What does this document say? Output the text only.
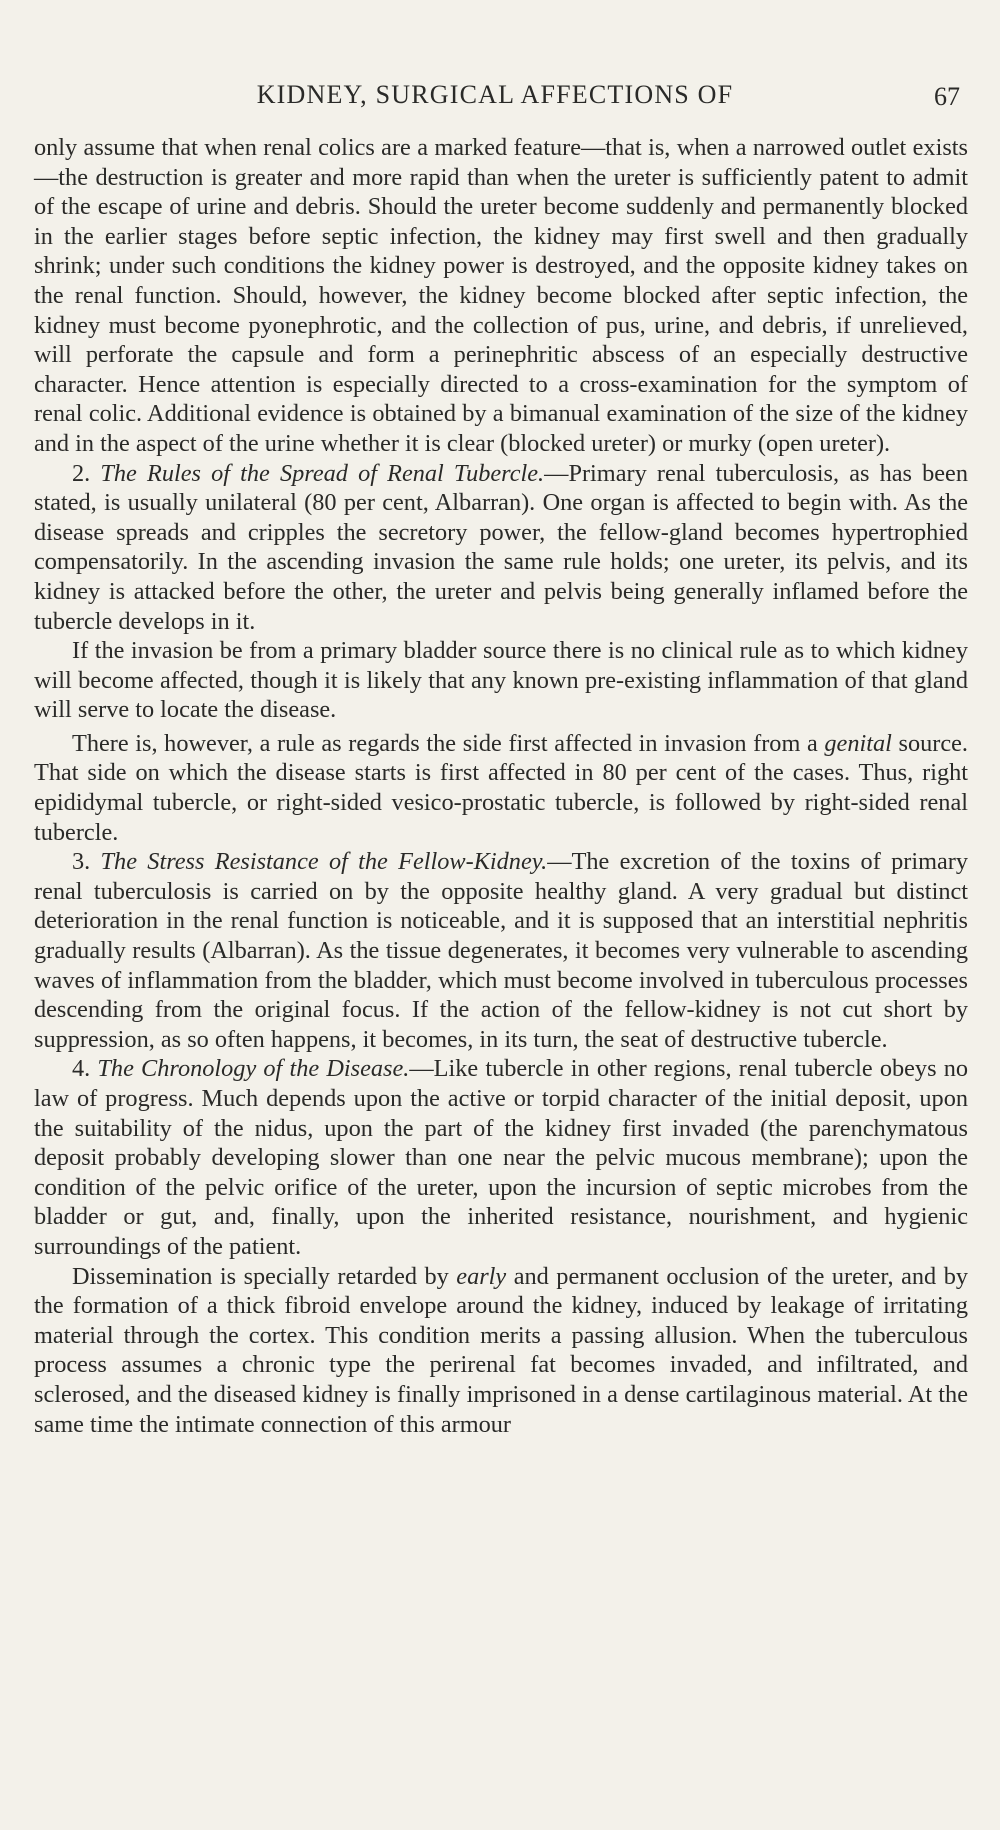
KIDNEY, SURGICAL AFFECTIONS OF	67

only assume that when renal colics are a marked feature—that is, when a narrowed outlet exists—the destruction is greater and more rapid than when the ureter is sufficiently patent to admit of the escape of urine and debris. Should the ureter become suddenly and permanently blocked in the earlier stages before septic infection, the kidney may first swell and then gradually shrink; under such conditions the kidney power is destroyed, and the opposite kidney takes on the renal function. Should, however, the kidney become blocked after septic infection, the kidney must become pyonephrotic, and the collection of pus, urine, and debris, if unrelieved, will perforate the capsule and form a perinephritic abscess of an especially destructive character. Hence attention is especially directed to a cross-examination for the symptom of renal colic. Additional evidence is obtained by a bimanual examination of the size of the kidney and in the aspect of the urine whether it is clear (blocked ureter) or murky (open ureter).

2. The Rules of the Spread of Renal Tubercle.—Primary renal tuberculosis, as has been stated, is usually unilateral (80 per cent, Albarran). One organ is affected to begin with. As the disease spreads and cripples the secretory power, the fellow-gland becomes hypertrophied compensatorily. In the ascending invasion the same rule holds; one ureter, its pelvis, and its kidney is attacked before the other, the ureter and pelvis being generally inflamed before the tubercle develops in it.

If the invasion be from a primary bladder source there is no clinical rule as to which kidney will become affected, though it is likely that any known pre-existing inflammation of that gland will serve to locate the disease.

There is, however, a rule as regards the side first affected in invasion from a genital source. That side on which the disease starts is first affected in 80 per cent of the cases. Thus, right epididymal tubercle, or right-sided vesico-prostatic tubercle, is followed by right-sided renal tubercle.

3. The Stress Resistance of the Fellow-Kidney.—The excretion of the toxins of primary renal tuberculosis is carried on by the opposite healthy gland. A very gradual but distinct deterioration in the renal function is noticeable, and it is supposed that an interstitial nephritis gradually results (Albarran). As the tissue degenerates, it becomes very vulnerable to ascending waves of inflammation from the bladder, which must become involved in tuberculous processes descending from the original focus. If the action of the fellow-kidney is not cut short by suppression, as so often happens, it becomes, in its turn, the seat of destructive tubercle.

4. The Chronology of the Disease.—Like tubercle in other regions, renal tubercle obeys no law of progress. Much depends upon the active or torpid character of the initial deposit, upon the suitability of the nidus, upon the part of the kidney first invaded (the parenchymatous deposit probably developing slower than one near the pelvic mucous membrane); upon the condition of the pelvic orifice of the ureter, upon the incursion of septic microbes from the bladder or gut, and, finally, upon the inherited resistance, nourishment, and hygienic surroundings of the patient.

Dissemination is specially retarded by early and permanent occlusion of the ureter, and by the formation of a thick fibroid envelope around the kidney, induced by leakage of irritating material through the cortex. This condition merits a passing allusion. When the tuberculous process assumes a chronic type the perirenal fat becomes invaded, and infiltrated, and sclerosed, and the diseased kidney is finally imprisoned in a dense cartilaginous material. At the same time the intimate connection of this armour
